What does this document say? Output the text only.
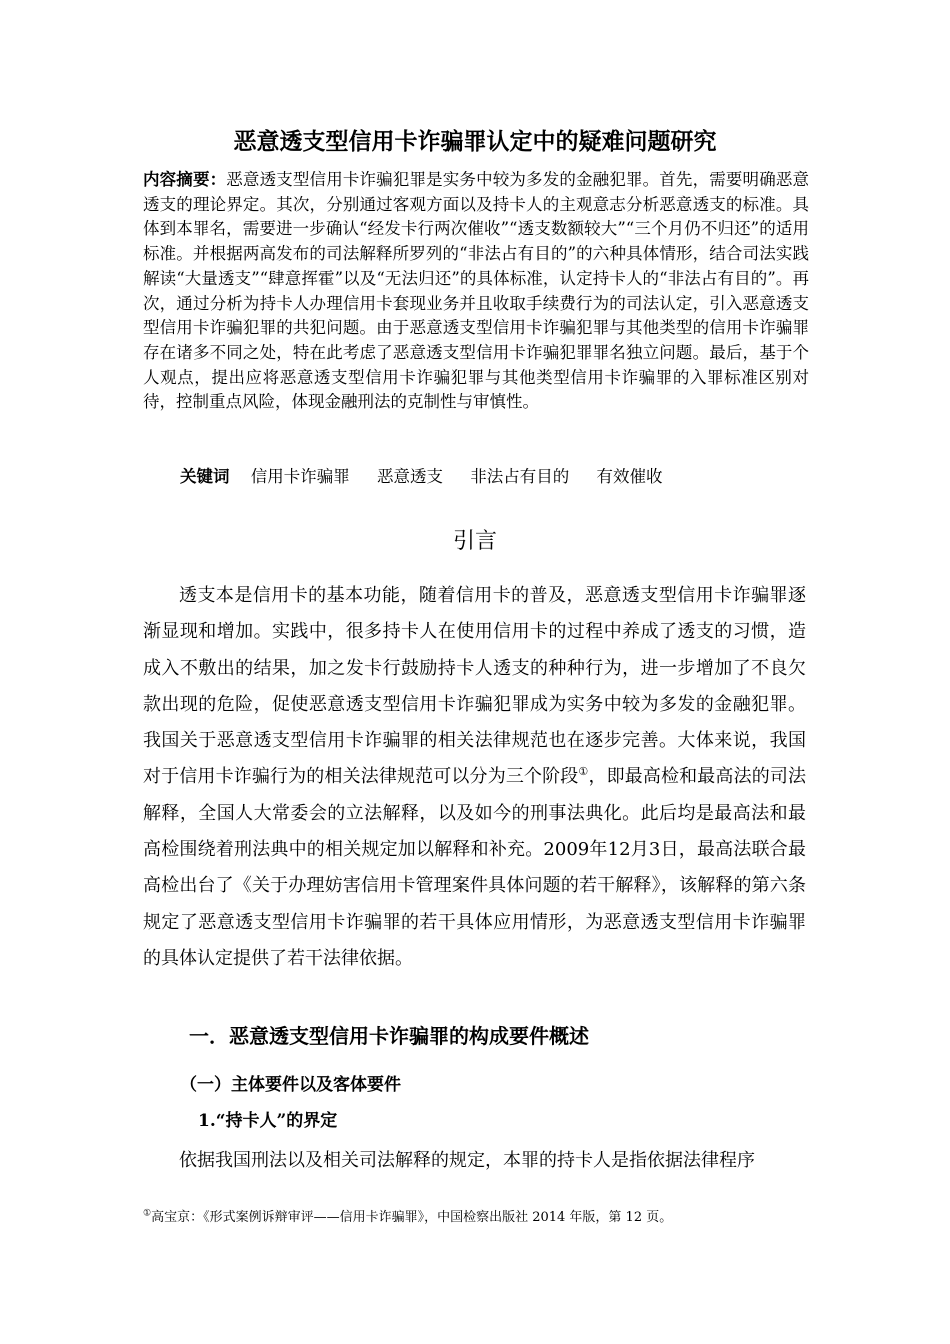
恶意透支型信用卡诈骗罪认定中的疑难问题研究

内容摘要：恶意透支型信用卡诈骗犯罪是实务中较为多发的金融犯罪。首先，需要明确恶意透支的理论界定。其次，分别通过客观方面以及持卡人的主观意志分析恶意透支的标准。具体到本罪名，需要进一步确认“经发卡行两次催收”“透支数额较大”“三个月仍不归还”的适用标准。并根据两高发布的司法解释所罗列的“非法占有目的”的六种具体情形，结合司法实践解读“大量透支”“肆意挥霍”以及“无法归还”的具体标准，认定持卡人的“非法占有目的”。再次，通过分析为持卡人办理信用卡套现业务并且收取手续费行为的司法认定，引入恶意透支型信用卡诈骗犯罪的共犯问题。由于恶意透支型信用卡诈骗犯罪与其他类型的信用卡诈骗罪存在诸多不同之处，特在此考虑了恶意透支型信用卡诈骗犯罪罪名独立问题。最后，基于个人观点，提出应将恶意透支型信用卡诈骗犯罪与其他类型信用卡诈骗罪的入罪标准区别对待，控制重点风险，体现金融刑法的克制性与审慎性。

关键词 信用卡诈骗罪 恶意透支 非法占有目的 有效催收

引言

透支本是信用卡的基本功能，随着信用卡的普及，恶意透支型信用卡诈骗罪逐渐显现和增加。实践中，很多持卡人在使用信用卡的过程中养成了透支的习惯，造成入不敷出的结果，加之发卡行鼓励持卡人透支的种种行为，进一步增加了不良欠款出现的危险，促使恶意透支型信用卡诈骗犯罪成为实务中较为多发的金融犯罪。我国关于恶意透支型信用卡诈骗罪的相关法律规范也在逐步完善。大体来说，我国对于信用卡诈骗行为的相关法律规范可以分为三个阶段①，即最高检和最高法的司法解释，全国人大常委会的立法解释，以及如今的刑事法典化。此后均是最高法和最高检围绕着刑法典中的相关规定加以解释和补充。2009年12月3日，最高法联合最高检出台了《关于办理妨害信用卡管理案件具体问题的若干解释》，该解释的第六条规定了恶意透支型信用卡诈骗罪的若干具体应用情形，为恶意透支型信用卡诈骗罪的具体认定提供了若干法律依据。

一．恶意透支型信用卡诈骗罪的构成要件概述
（一）主体要件以及客体要件
1.“持卡人”的界定

依据我国刑法以及相关司法解释的规定，本罪的持卡人是指依据法律程序

①高宝京：《形式案例诉辩审评——信用卡诈骗罪》，中国检察出版社 2014 年版，第 12 页。
